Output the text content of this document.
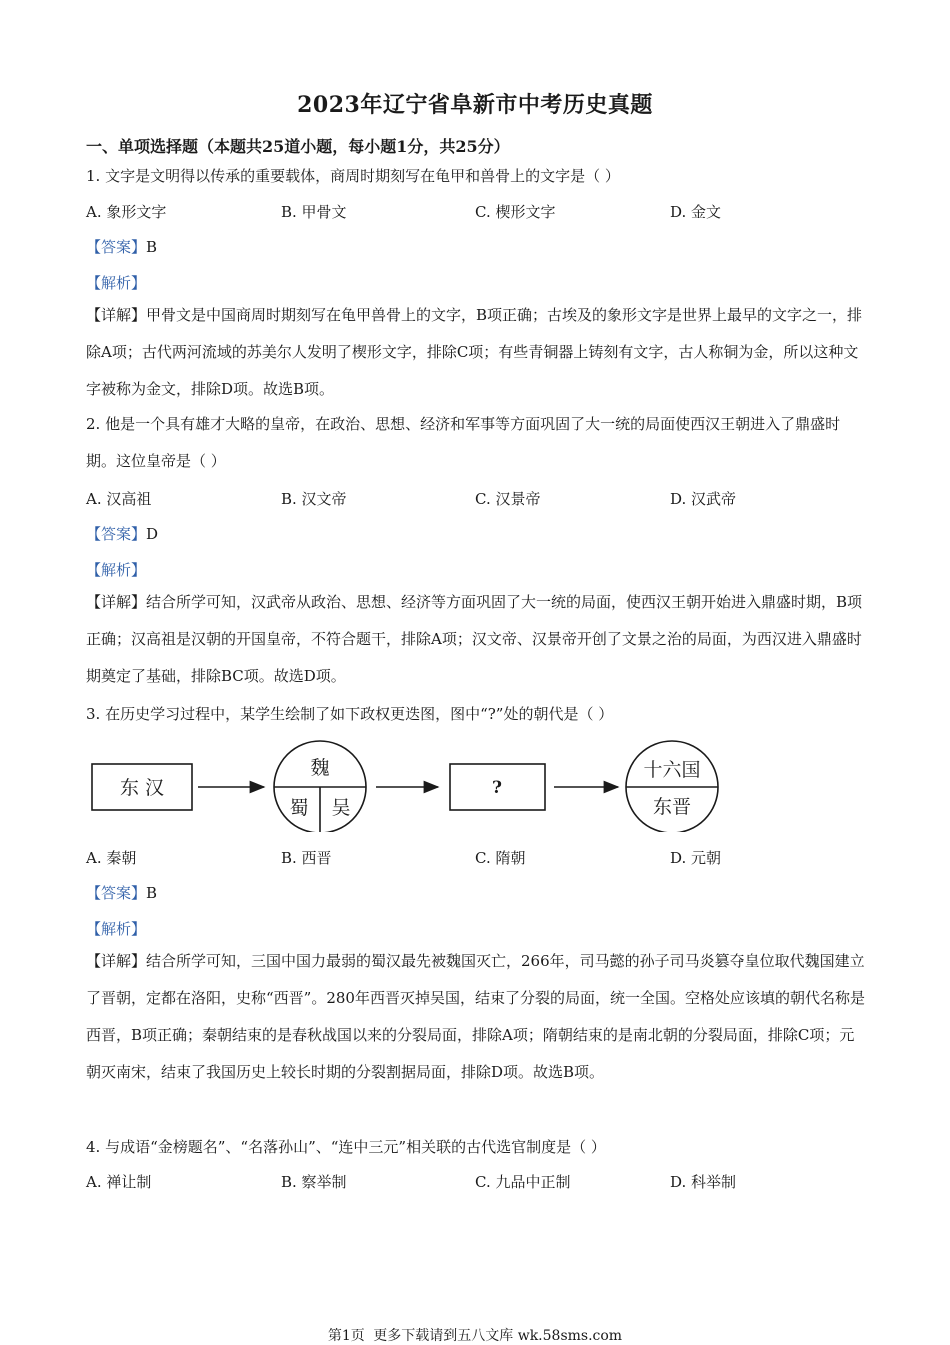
2023年辽宁省阜新市中考历史真题
一、单项选择题（本题共25道小题，每小题1分，共25分）
1. 文字是文明得以传承的重要载体，商周时期刻写在龟甲和兽骨上的文字是（ ）
A. 象形文字	B. 甲骨文	C. 楔形文字	D. 金文
【答案】B
【解析】
【详解】甲骨文是中国商周时期刻写在龟甲兽骨上的文字，B项正确；古埃及的象形文字是世界上最早的文字之一，排除A项；古代两河流域的苏美尔人发明了楔形文字，排除C项；有些青铜器上铸刻有文字，古人称铜为金，所以这种文字被称为金文，排除D项。故选B项。
2. 他是一个具有雄才大略的皇帝，在政治、思想、经济和军事等方面巩固了大一统的局面使西汉王朝进入了鼎盛时期。这位皇帝是（ ）
A. 汉高祖	B. 汉文帝	C. 汉景帝	D. 汉武帝
【答案】D
【解析】
【详解】结合所学可知，汉武帝从政治、思想、经济等方面巩固了大一统的局面，使西汉王朝开始进入鼎盛时期，B项正确；汉高祖是汉朝的开国皇帝，不符合题干，排除A项；汉文帝、汉景帝开创了文景之治的局面，为西汉进入鼎盛时期奠定了基础，排除BC项。故选D项。
3. 在历史学习过程中，某学生绘制了如下政权更迭图，图中“?”处的朝代是（ ）
东 汉
魏
蜀 吴
?
十六国
东晋
A. 秦朝	B. 西晋	C. 隋朝	D. 元朝
【答案】B
【解析】
【详解】结合所学可知，三国中国力最弱的蜀汉最先被魏国灭亡，266年，司马懿的孙子司马炎篡夺皇位取代魏国建立了晋朝，定都在洛阳，史称“西晋”。280年西晋灭掉吴国，结束了分裂的局面，统一全国。空格处应该填的朝代名称是西晋，B项正确；秦朝结束的是春秋战国以来的分裂局面，排除A项；隋朝结束的是南北朝的分裂局面，排除C项；元朝灭南宋，结束了我国历史上较长时期的分裂割据局面，排除D项。故选B项。
4. 与成语“金榜题名”、“名落孙山”、“连中三元”相关联的古代选官制度是（ ）
A. 禅让制	B. 察举制	C. 九品中正制	D. 科举制
第1页 更多下载请到五八文库 wk.58sms.com
